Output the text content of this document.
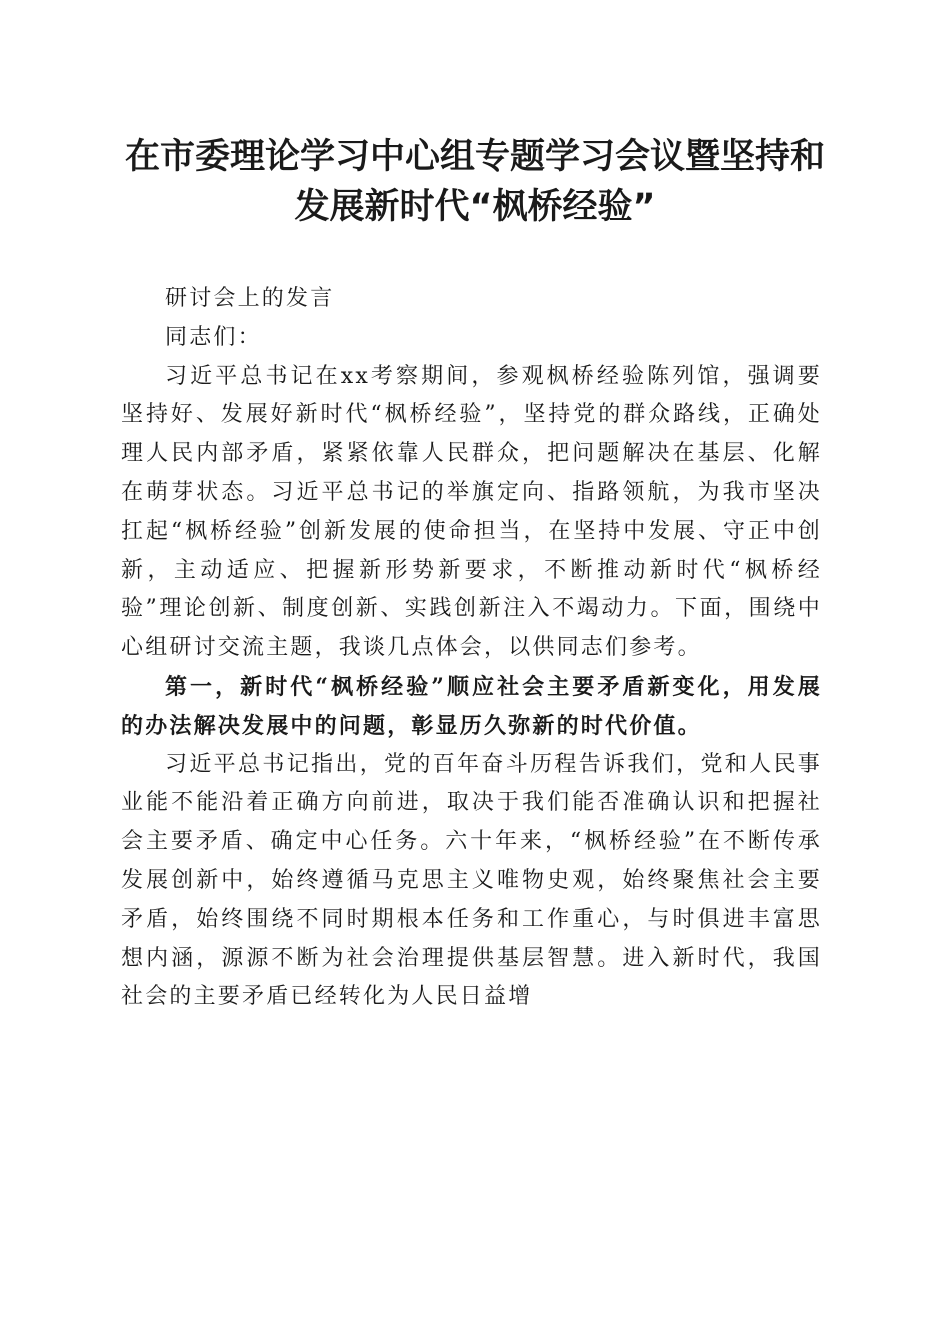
在市委理论学习中心组专题学习会议暨坚持和
发展新时代“枫桥经验”

研讨会上的发言

同志们：

习近平总书记在xx考察期间，参观枫桥经验陈列馆，强调要坚持好、发展好新时代“枫桥经验”，坚持党的群众路线，正确处理人民内部矛盾，紧紧依靠人民群众，把问题解决在基层、化解在萌芽状态。习近平总书记的举旗定向、指路领航，为我市坚决扛起“枫桥经验”创新发展的使命担当，在坚持中发展、守正中创新，主动适应、把握新形势新要求，不断推动新时代“枫桥经验”理论创新、制度创新、实践创新注入不竭动力。下面，围绕中心组研讨交流主题，我谈几点体会，以供同志们参考。

第一，新时代“枫桥经验”顺应社会主要矛盾新变化，用发展的办法解决发展中的问题，彰显历久弥新的时代价值。

习近平总书记指出，党的百年奋斗历程告诉我们，党和人民事业能不能沿着正确方向前进，取决于我们能否准确认识和把握社会主要矛盾、确定中心任务。六十年来，“枫桥经验”在不断传承发展创新中，始终遵循马克思主义唯物史观，始终聚焦社会主要矛盾，始终围绕不同时期根本任务和工作重心，与时俱进丰富思想内涵，源源不断为社会治理提供基层智慧。进入新时代，我国社会的主要矛盾已经转化为人民日益增
